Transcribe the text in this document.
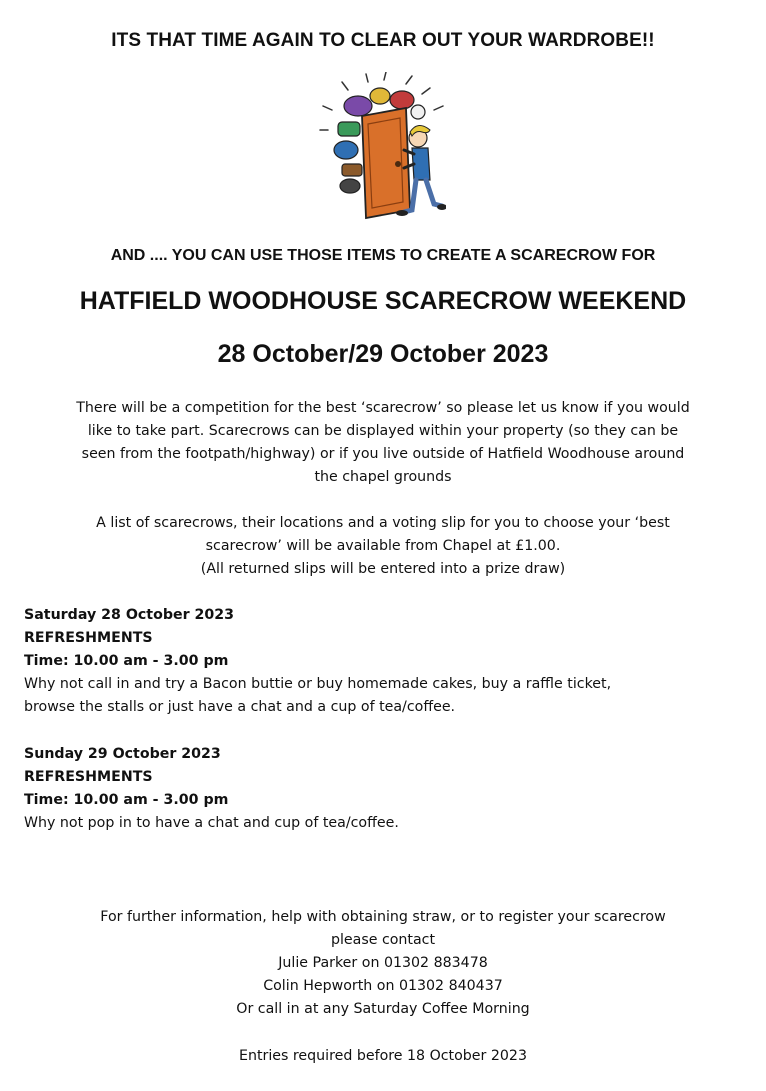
ITS THAT TIME AGAIN TO CLEAR OUT YOUR WARDROBE!!
AND .... YOU CAN USE THOSE ITEMS TO CREATE A SCARECROW FOR
HATFIELD WOODHOUSE SCARECROW WEEKEND
28 October/29 October 2023
There will be a competition for the best ‘scarecrow’ so please let us know if you would
like to take part. Scarecrows can be displayed within your property (so they can be
seen from the footpath/highway) or if you live outside of Hatfield Woodhouse around
the chapel grounds
A list of scarecrows, their locations and a voting slip for you to choose your ‘best
scarecrow’ will be available from Chapel at £1.00.
(All returned slips will be entered into a prize draw)
Saturday 28 October 2023
REFRESHMENTS
Time: 10.00 am - 3.00 pm
Why not call in and try a Bacon buttie or buy homemade cakes, buy a raffle ticket,
browse the stalls or just have a chat and a cup of tea/coffee.
Sunday 29 October 2023
REFRESHMENTS
Time: 10.00 am - 3.00 pm
Why not pop in to have a chat and cup of tea/coffee.
For further information, help with obtaining straw, or to register your scarecrow
please contact
Julie Parker on 01302 883478
Colin Hepworth on 01302 840437
Or call in at any Saturday Coffee Morning
Entries required before 18 October 2023
